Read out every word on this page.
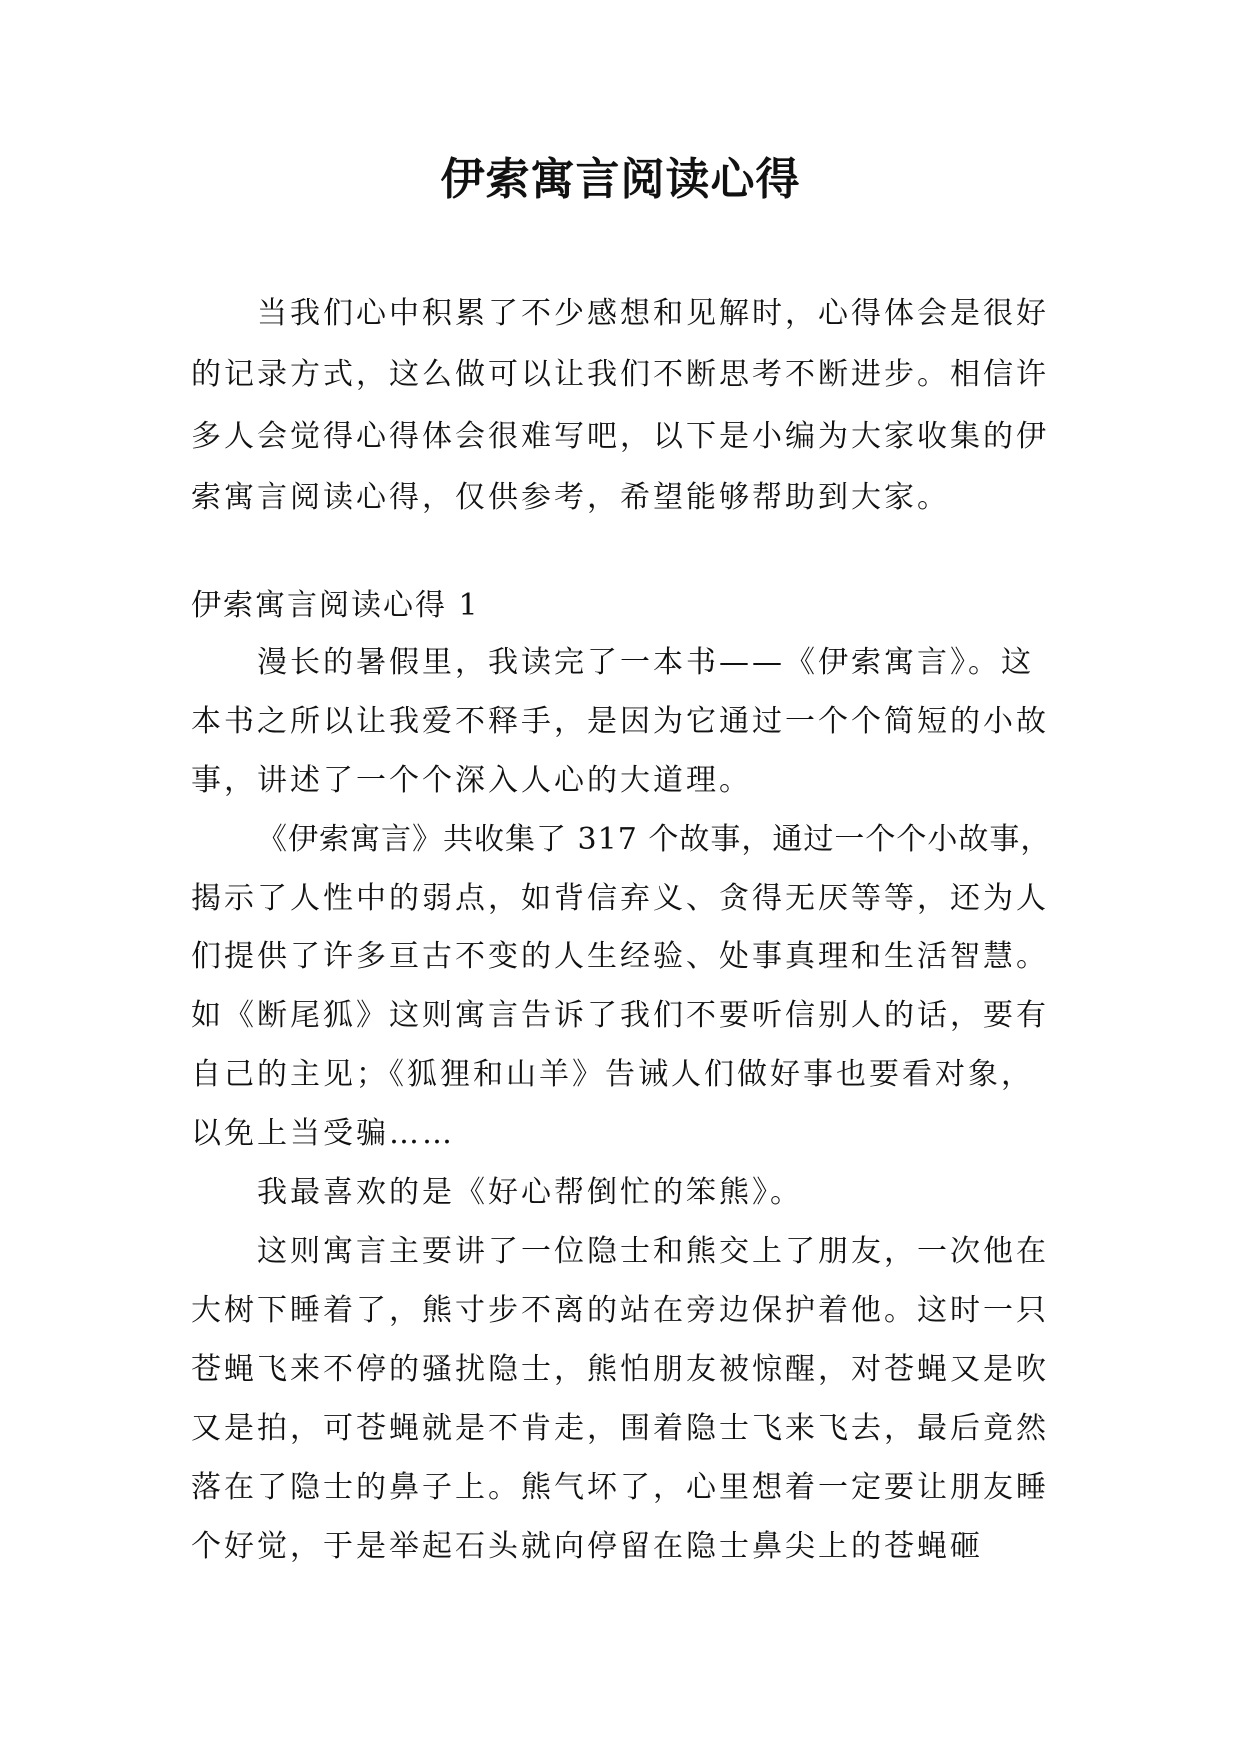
伊索寓言阅读心得
当我们心中积累了不少感想和见解时，心得体会是很好
的记录方式，这么做可以让我们不断思考不断进步。相信许
多人会觉得心得体会很难写吧，以下是小编为大家收集的伊
索寓言阅读心得，仅供参考，希望能够帮助到大家。
伊索寓言阅读心得 1
漫长的暑假里，我读完了一本书——《伊索寓言》。这
本书之所以让我爱不释手，是因为它通过一个个简短的小故
事，讲述了一个个深入人心的大道理。
《伊索寓言》共收集了 317 个故事，通过一个个小故事，
揭示了人性中的弱点，如背信弃义、贪得无厌等等，还为人
们提供了许多亘古不变的人生经验、处事真理和生活智慧。
如《断尾狐》这则寓言告诉了我们不要听信别人的话，要有
自己的主见；《狐狸和山羊》告诫人们做好事也要看对象，
以免上当受骗……
我最喜欢的是《好心帮倒忙的笨熊》。
这则寓言主要讲了一位隐士和熊交上了朋友，一次他在
大树下睡着了，熊寸步不离的站在旁边保护着他。这时一只
苍蝇飞来不停的骚扰隐士，熊怕朋友被惊醒，对苍蝇又是吹
又是拍，可苍蝇就是不肯走，围着隐士飞来飞去，最后竟然
落在了隐士的鼻子上。熊气坏了，心里想着一定要让朋友睡
个好觉，于是举起石头就向停留在隐士鼻尖上的苍蝇砸
